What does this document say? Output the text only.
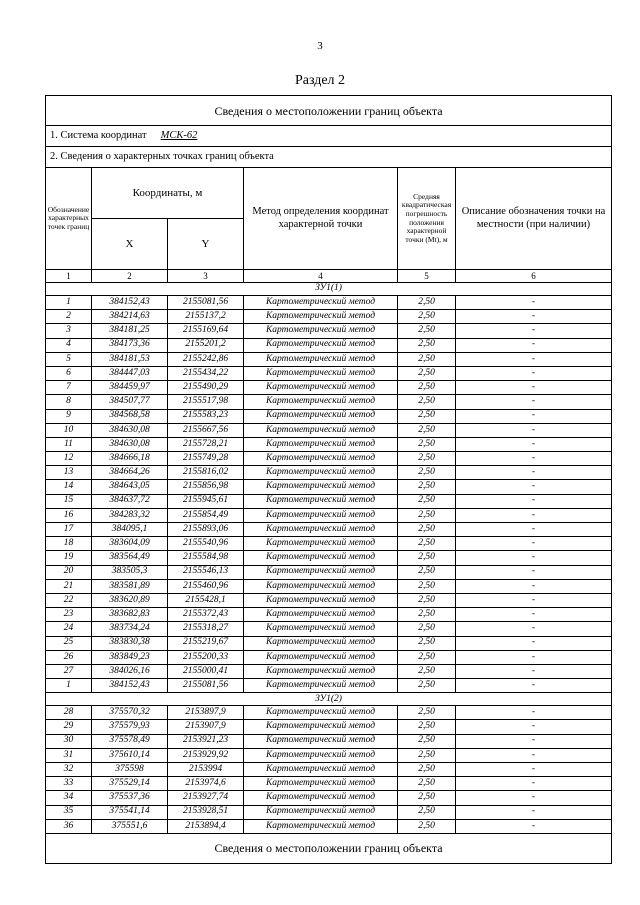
3
Раздел 2
Сведения о местоположении границ объекта					
1. Система координат МСК-62					
2. Сведения о характерных точках границ объекта					
Обозначение характерных точек границ	Координаты, м		Метод определения координат характерной точки	Средняя квадратическая погрешность положения характерной точки (Мt), м	Описание обозначения точки на местности (при наличии)
	X	Y			
1	2	3	4	5	6
ЗУ1(1)					
1	384152,43	2155081,56	Картометрический метод	2,50	-
2	384214,63	2155137,2	Картометрический метод	2,50	-
3	384181,25	2155169,64	Картометрический метод	2,50	-
4	384173,36	2155201,2	Картометрический метод	2,50	-
5	384181,53	2155242,86	Картометрический метод	2,50	-
6	384447,03	2155434,22	Картометрический метод	2,50	-
7	384459,97	2155490,29	Картометрический метод	2,50	-
8	384507,77	2155517,98	Картометрический метод	2,50	-
9	384568,58	2155583,23	Картометрический метод	2,50	-
10	384630,08	2155667,56	Картометрический метод	2,50	-
11	384630,08	2155728,21	Картометрический метод	2,50	-
12	384666,18	2155749,28	Картометрический метод	2,50	-
13	384664,26	2155816,02	Картометрический метод	2,50	-
14	384643,05	2155856,98	Картометрический метод	2,50	-
15	384637,72	2155945,61	Картометрический метод	2,50	-
16	384283,32	2155854,49	Картометрический метод	2,50	-
17	384095,1	2155893,06	Картометрический метод	2,50	-
18	383604,09	2155540,96	Картометрический метод	2,50	-
19	383564,49	2155584,98	Картометрический метод	2,50	-
20	383505,3	2155546,13	Картометрический метод	2,50	-
21	383581,89	2155460,96	Картометрический метод	2,50	-
22	383620,89	2155428,1	Картометрический метод	2,50	-
23	383682,83	2155372,43	Картометрический метод	2,50	-
24	383734,24	2155318,27	Картометрический метод	2,50	-
25	383830,38	2155219,67	Картометрический метод	2,50	-
26	383849,23	2155200,33	Картометрический метод	2,50	-
27	384026,16	2155000,41	Картометрический метод	2,50	-
1	384152,43	2155081,56	Картометрический метод	2,50	-
ЗУ1(2)					
28	375570,32	2153897,9	Картометрический метод	2,50	-
29	375579,93	2153907,9	Картометрический метод	2,50	-
30	375578,49	2153921,23	Картометрический метод	2,50	-
31	375610,14	2153929,92	Картометрический метод	2,50	-
32	375598	2153994	Картометрический метод	2,50	-
33	375529,14	2153974,6	Картометрический метод	2,50	-
34	375537,36	2153927,74	Картометрический метод	2,50	-
35	375541,14	2153928,51	Картометрический метод	2,50	-
36	375551,6	2153894,4	Картометрический метод	2,50	-
Сведения о местоположении границ объекта					
